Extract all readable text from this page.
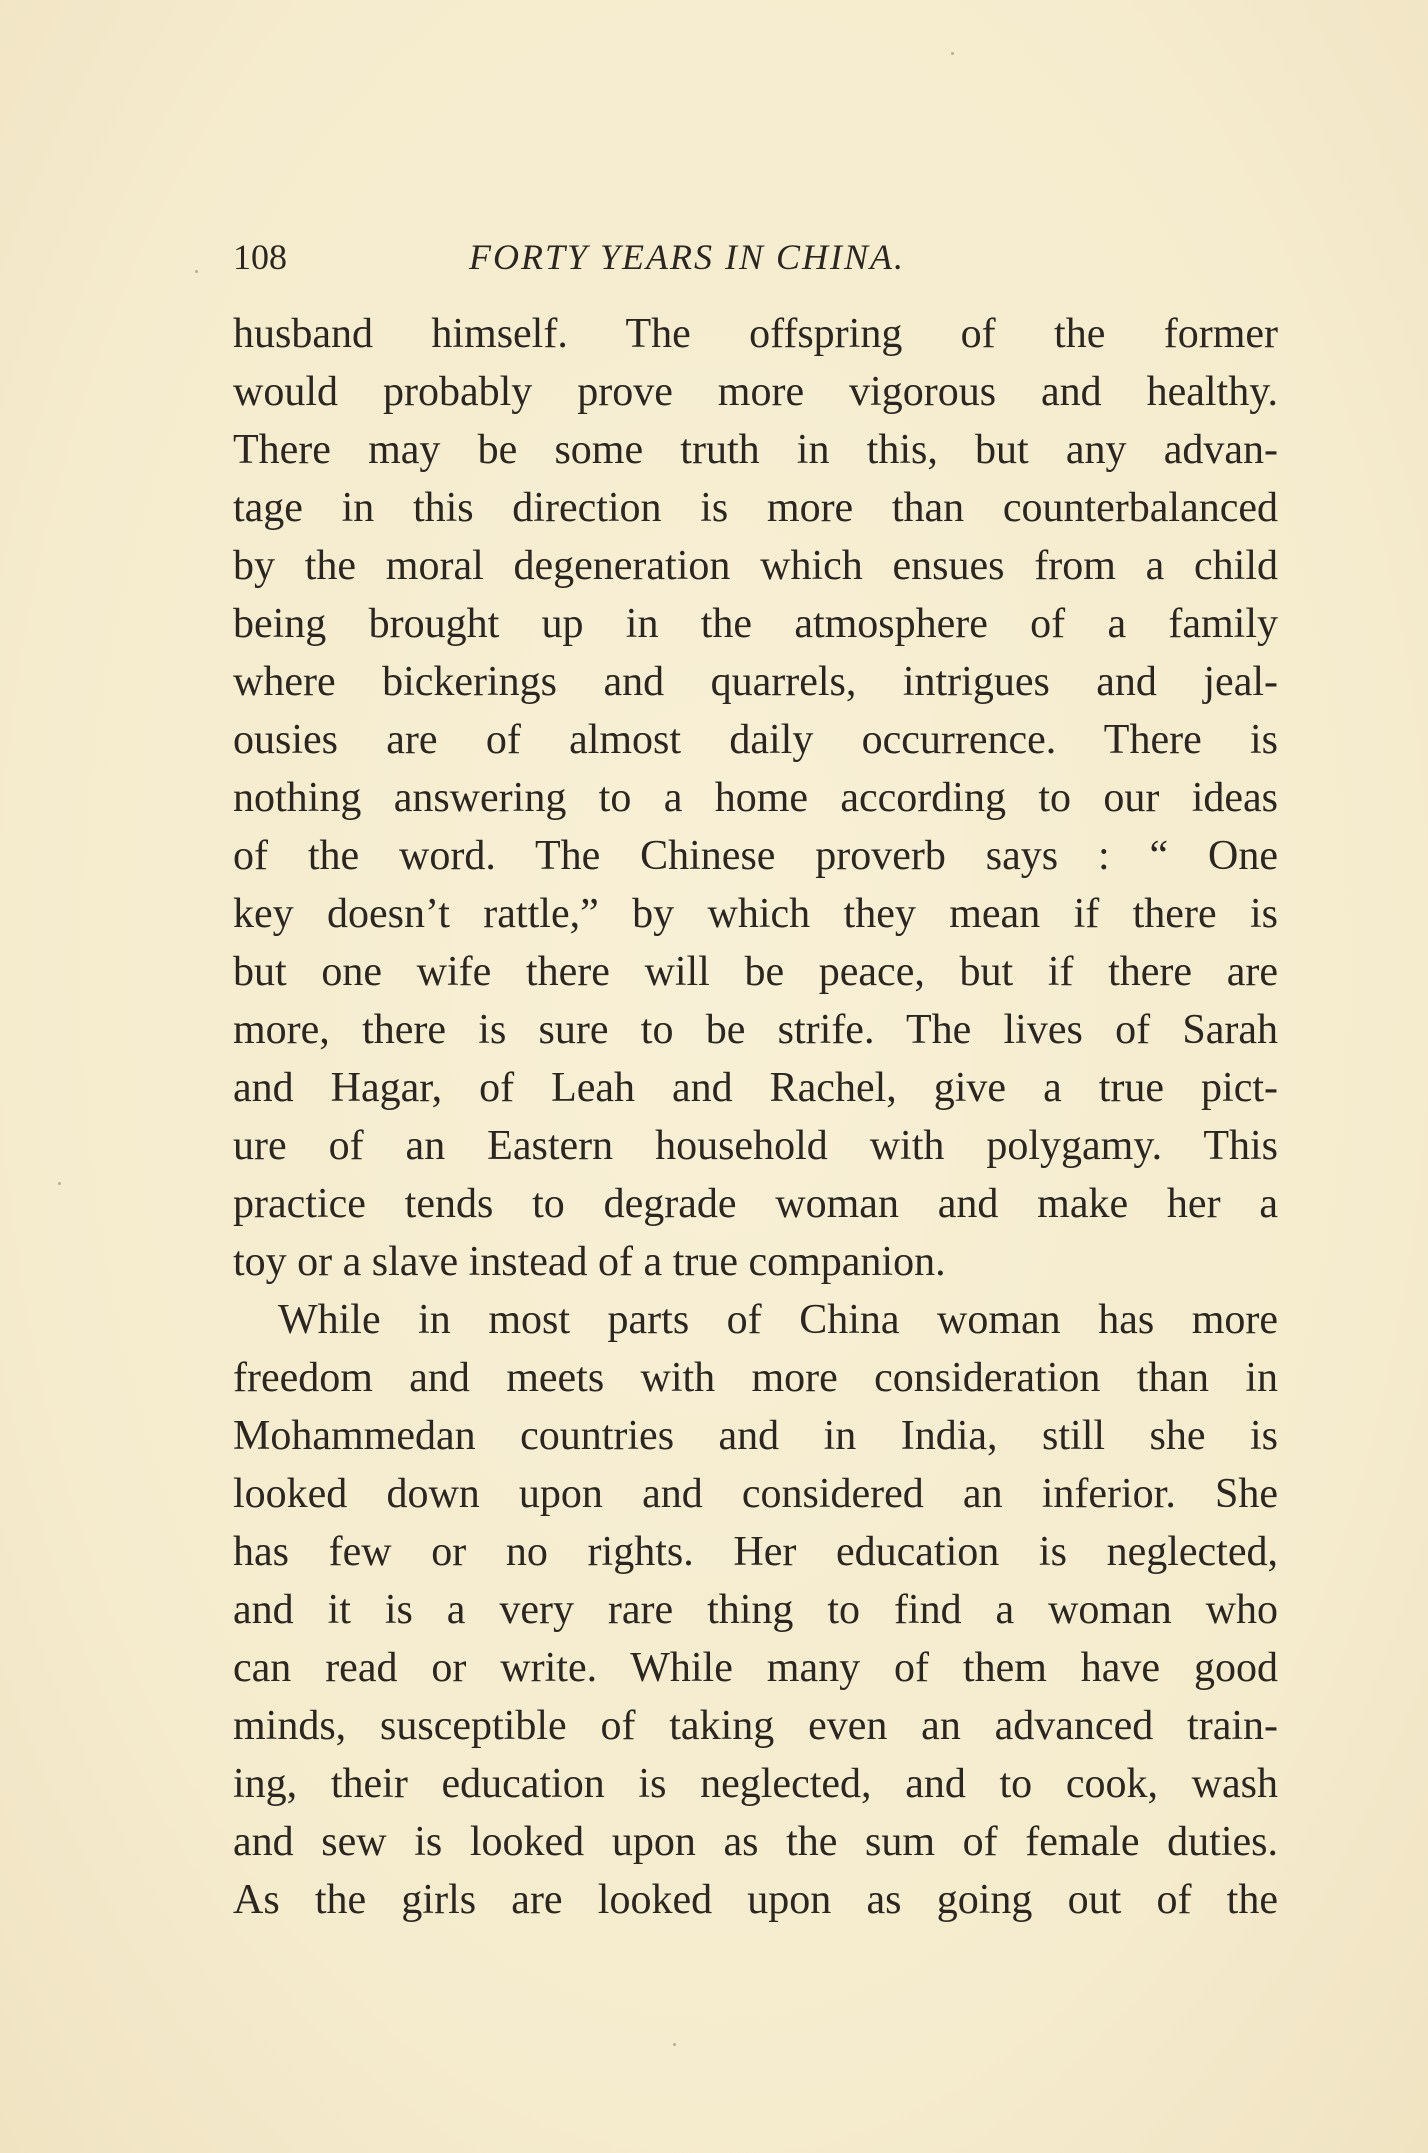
108	FORTY YEARS IN CHINA.
husband himself. The offspring of the former
would probably prove more vigorous and healthy.
There may be some truth in this, but any advan-
tage in this direction is more than counterbalanced
by the moral degeneration which ensues from a child
being brought up in the atmosphere of a family
where bickerings and quarrels, intrigues and jeal-
ousies are of almost daily occurrence. There is
nothing answering to a home according to our ideas
of the word. The Chinese proverb says : “ One
key doesn’t rattle,” by which they mean if there is
but one wife there will be peace, but if there are
more, there is sure to be strife. The lives of Sarah
and Hagar, of Leah and Rachel, give a true pict-
ure of an Eastern household with polygamy. This
practice tends to degrade woman and make her a
toy or a slave instead of a true companion.
While in most parts of China woman has more
freedom and meets with more consideration than in
Mohammedan countries and in India, still she is
looked down upon and considered an inferior. She
has few or no rights. Her education is neglected,
and it is a very rare thing to find a woman who
can read or write. While many of them have good
minds, susceptible of taking even an advanced train-
ing, their education is neglected, and to cook, wash
and sew is looked upon as the sum of female duties.
As the girls are looked upon as going out of the
